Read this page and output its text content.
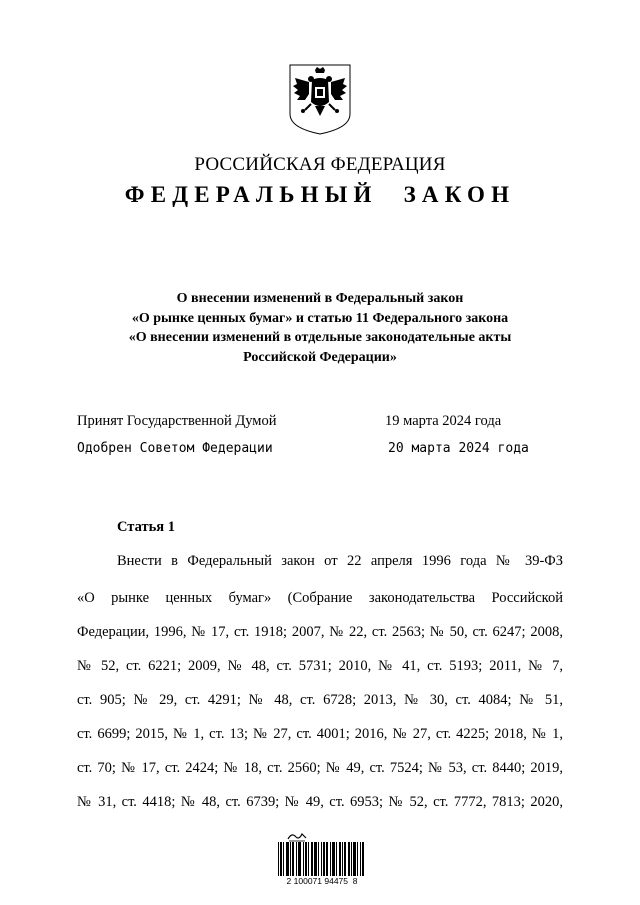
РОССИЙСКАЯ ФЕДЕРАЦИЯ
ФЕДЕРАЛЬНЫЙ ЗАКОН
О внесении изменений в Федеральный закон
«О рынке ценных бумаг» и статью 11 Федерального закона
«О внесении изменений в отдельные законодательные акты
Российской Федерации»
Принят Государственной Думой	19 марта 2024 года
Одобрен Советом Федерации	20 марта 2024 года
Статья 1
Внести в Федеральный закон от 22 апреля 1996 года № 39-ФЗ
«О рынке ценных бумаг» (Собрание законодательства Российской
Федерации, 1996, № 17, ст. 1918; 2007, № 22, ст. 2563; № 50, ст. 6247; 2008,
№ 52, ст. 6221; 2009, № 48, ст. 5731; 2010, № 41, ст. 5193; 2011, № 7,
ст. 905; № 29, ст. 4291; № 48, ст. 6728; 2013, № 30, ст. 4084; № 51,
ст. 6699; 2015, № 1, ст. 13; № 27, ст. 4001; 2016, № 27, ст. 4225; 2018, № 1,
ст. 70; № 17, ст. 2424; № 18, ст. 2560; № 49, ст. 7524; № 53, ст. 8440; 2019,
№ 31, ст. 4418; № 48, ст. 6739; № 49, ст. 6953; № 52, ст. 7772, 7813; 2020,
2 100071 94475  8
